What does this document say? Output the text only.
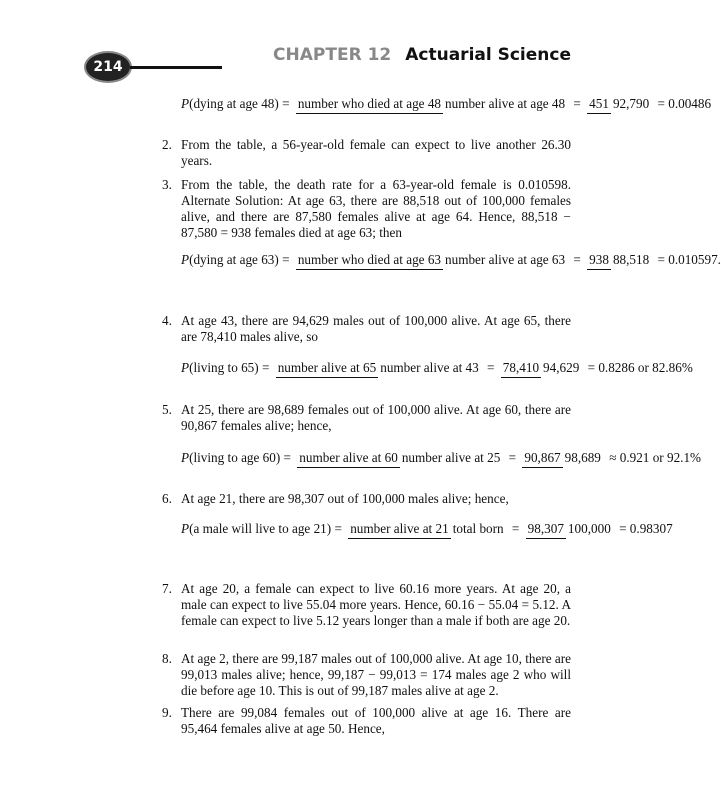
214
CHAPTER 12 Actuarial Science
P(dying at age 48) = number who died at age 48 number alive at age 48 = 451 92,790 = 0.00486
2. From the table, a 56-year-old female can expect to live another 26.30 years.

3. From the table, the death rate for a 63-year-old female is 0.010598. Alternate Solution: At age 63, there are 88,518 out of 100,000 females alive, and there are 87,580 females alive at age 64. Hence, 88,518 − 87,580 = 938 females died at age 63; then

P(dying at age 63) = number who died at age 63 number alive at age 63 = 938 88,518 = 0.010597.
4. At age 43, there are 94,629 males out of 100,000 alive. At age 65, there are 78,410 males alive, so

P(living to 65) = number alive at 65 number alive at 43 = 78,410 94,629 = 0.8286 or 82.86%
5. At 25, there are 98,689 females out of 100,000 alive. At age 60, there are 90,867 females alive; hence,

P(living to age 60) = number alive at 60 number alive at 25 = 90,867 98,689 ≈ 0.921 or 92.1%
6. At age 21, there are 98,307 out of 100,000 males alive; hence,

P(a male will live to age 21) = number alive at 21 total born = 98,307 100,000 = 0.98307
7. At age 20, a female can expect to live 60.16 more years. At age 20, a male can expect to live 55.04 more years. Hence, 60.16 − 55.04 = 5.12. A female can expect to live 5.12 years longer than a male if both are age 20.

8. At age 2, there are 99,187 males out of 100,000 alive. At age 10, there are 99,013 males alive; hence, 99,187 − 99,013 = 174 males age 2 who will die before age 10. This is out of 99,187 males alive at age 2.

9. There are 99,084 females out of 100,000 alive at age 16. There are 95,464 females alive at age 50. Hence,
